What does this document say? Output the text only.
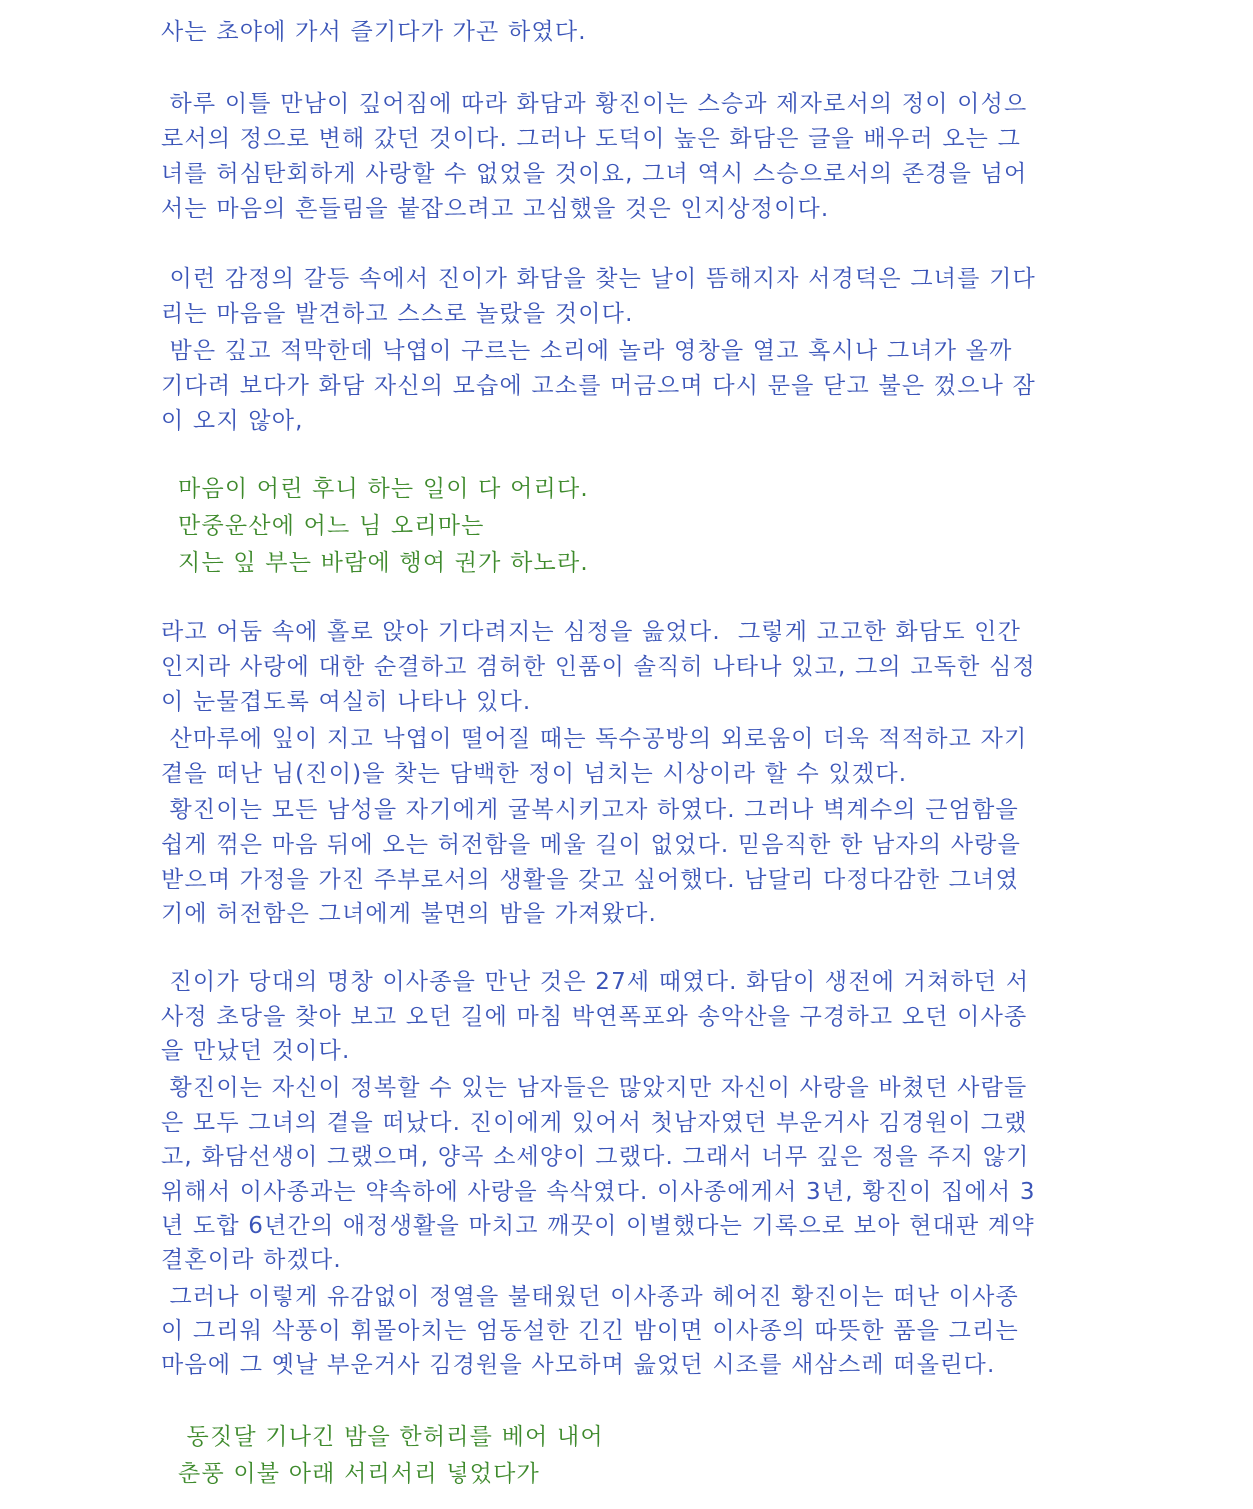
사는 초야에 가서 즐기다가 가곤 하였다.
하루 이틀 만남이 깊어짐에 따라 화담과 황진이는 스승과 제자로서의 정이 이성으
로서의 정으로 변해 갔던 것이다. 그러나 도덕이 높은 화담은 글을 배우러 오는 그
녀를 허심탄회하게 사랑할 수 없었을 것이요, 그녀 역시 스승으로서의 존경을 넘어
서는 마음의 흔들림을 붙잡으려고 고심했을 것은 인지상정이다.
이런 감정의 갈등 속에서 진이가 화담을 찾는 날이 뜸해지자 서경덕은 그녀를 기다
리는 마음을 발견하고 스스로 놀랐을 것이다.
밤은 깊고 적막한데 낙엽이 구르는 소리에 놀라 영창을 열고 혹시나 그녀가 올까
기다려 보다가 화담 자신의 모습에 고소를 머금으며 다시 문을 닫고 불은 껐으나 잠
이 오지 않아,
마음이 어린 후니 하는 일이 다 어리다.
만중운산에 어느 님 오리마는
지는 잎 부는 바람에 행여 권가 하노라.
라고 어둠 속에 홀로 앉아 기다려지는 심정을 읊었다.  그렇게 고고한 화담도 인간
인지라 사랑에 대한 순결하고 겸허한 인품이 솔직히 나타나 있고, 그의 고독한 심정
이 눈물겹도록 여실히 나타나 있다.
산마루에 잎이 지고 낙엽이 떨어질 때는 독수공방의 외로움이 더욱 적적하고 자기
곁을 떠난 님(진이)을 찾는 담백한 정이 넘치는 시상이라 할 수 있겠다.
황진이는 모든 남성을 자기에게 굴복시키고자 하였다. 그러나 벽계수의 근엄함을
쉽게 꺾은 마음 뒤에 오는 허전함을 메울 길이 없었다. 믿음직한 한 남자의 사랑을
받으며 가정을 가진 주부로서의 생활을 갖고 싶어했다. 남달리 다정다감한 그녀였
기에 허전함은 그녀에게 불면의 밤을 가져왔다.
진이가 당대의 명창 이사종을 만난 것은 27세 때였다. 화담이 생전에 거쳐하던 서
사정 초당을 찾아 보고 오던 길에 마침 박연폭포와 송악산을 구경하고 오던 이사종
을 만났던 것이다.
황진이는 자신이 정복할 수 있는 남자들은 많았지만 자신이 사랑을 바쳤던 사람들
은 모두 그녀의 곁을 떠났다. 진이에게 있어서 첫남자였던 부운거사 김경원이 그랬
고, 화담선생이 그랬으며, 양곡 소세양이 그랬다. 그래서 너무 깊은 정을 주지 않기
위해서 이사종과는 약속하에 사랑을 속삭였다. 이사종에게서 3년, 황진이 집에서 3
년 도합 6년간의 애정생활을 마치고 깨끗이 이별했다는 기록으로 보아 현대판 계약
결혼이라 하겠다.
그러나 이렇게 유감없이 정열을 불태웠던 이사종과 헤어진 황진이는 떠난 이사종
이 그리워 삭풍이 휘몰아치는 엄동설한 긴긴 밤이면 이사종의 따뜻한 품을 그리는
마음에 그 옛날 부운거사 김경원을 사모하며 읊었던 시조를 새삼스레 떠올린다.
동짓달 기나긴 밤을 한허리를 베어 내어
춘풍 이불 아래 서리서리 넣었다가
